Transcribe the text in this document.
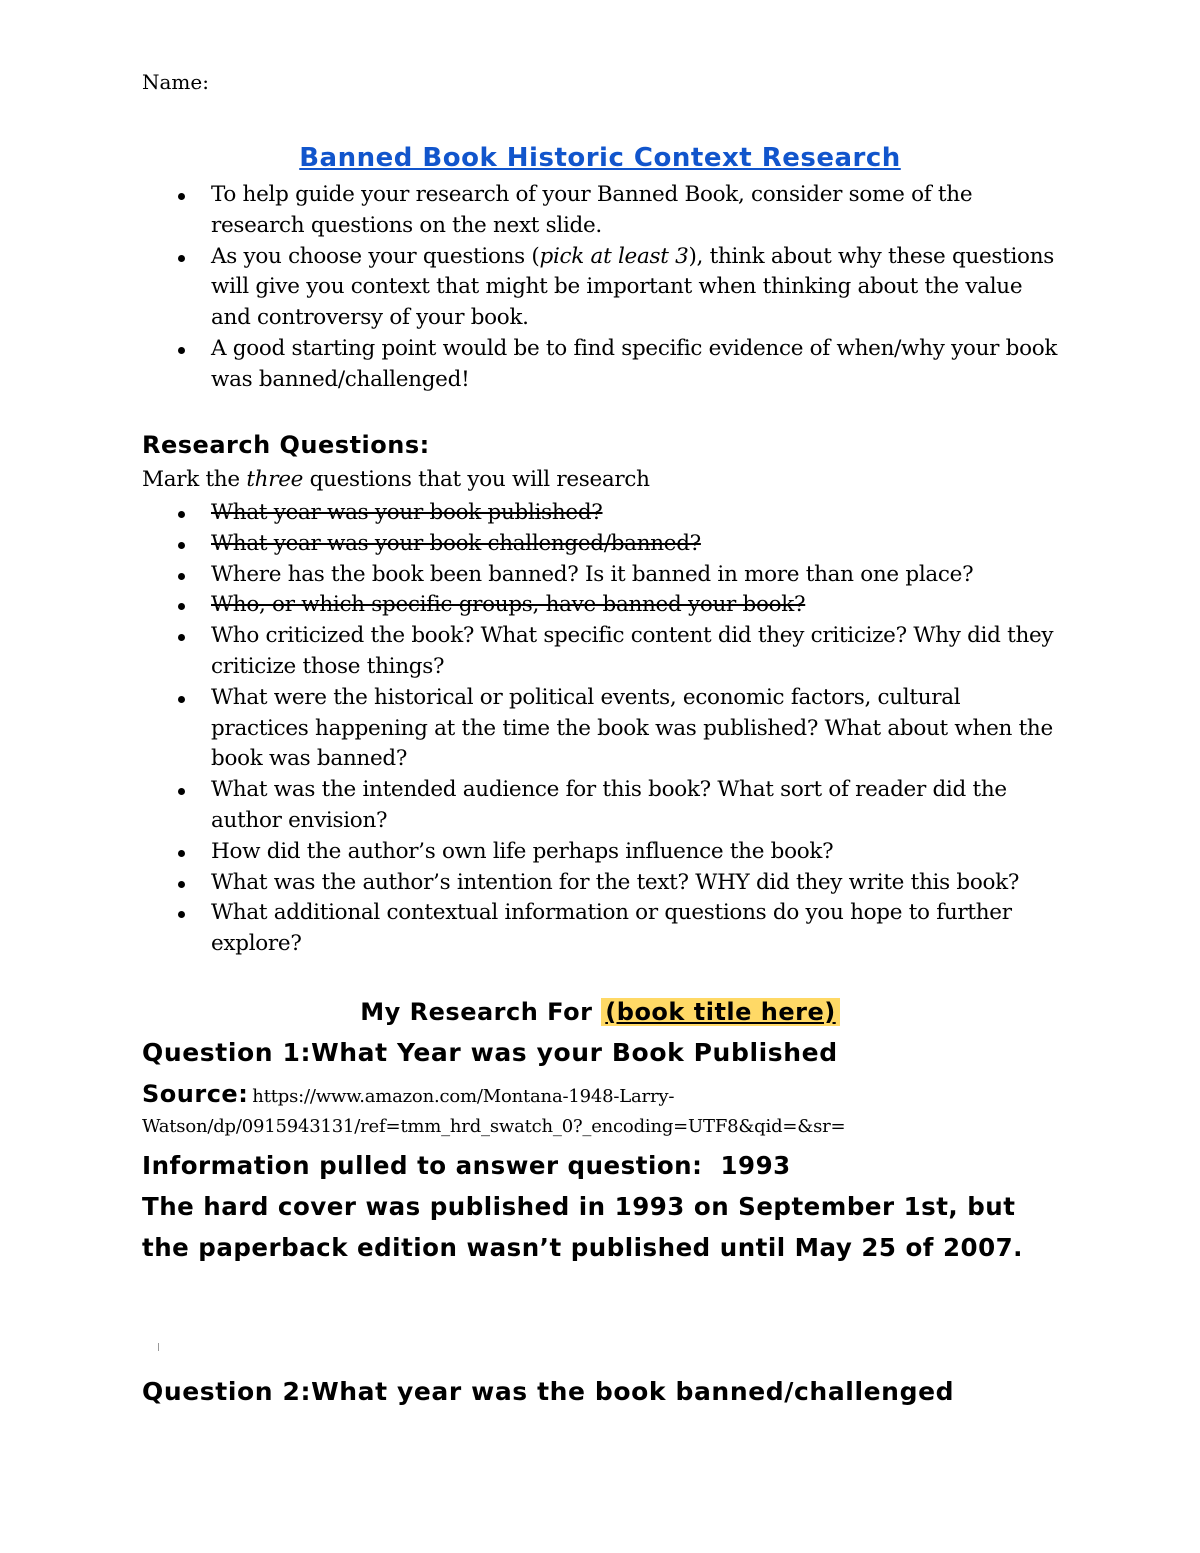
Name:
Banned Book Historic Context Research
To help guide your research of your Banned Book, consider some of the research questions on the next slide.
As you choose your questions (pick at least 3), think about why these questions will give you context that might be important when thinking about the value and controversy of your book.
A good starting point would be to find specific evidence of when/why your book was banned/challenged!
Research Questions:
Mark the three questions that you will research
What year was your book published?
What year was your book challenged/banned?
Where has the book been banned? Is it banned in more than one place?
Who, or which specific groups, have banned your book?
Who criticized the book? What specific content did they criticize? Why did they criticize those things?
What were the historical or political events, economic factors, cultural practices happening at the time the book was published? What about when the book was banned?
What was the intended audience for this book? What sort of reader did the author envision?
How did the author’s own life perhaps influence the book?
What was the author’s intention for the text? WHY did they write this book?
What additional contextual information or questions do you hope to further explore?
My Research For (book title here)
Question 1:What Year was your Book Published
Source: https://www.amazon.com/Montana-1948-Larry-Watson/dp/0915943131/ref=tmm_hrd_swatch_0?_encoding=UTF8&qid=&sr=
Information pulled to answer question: 1993
The hard cover was published in 1993 on September 1st, but the paperback edition wasn’t published until May 25 of 2007.
Question 2:What year was the book banned/challenged
